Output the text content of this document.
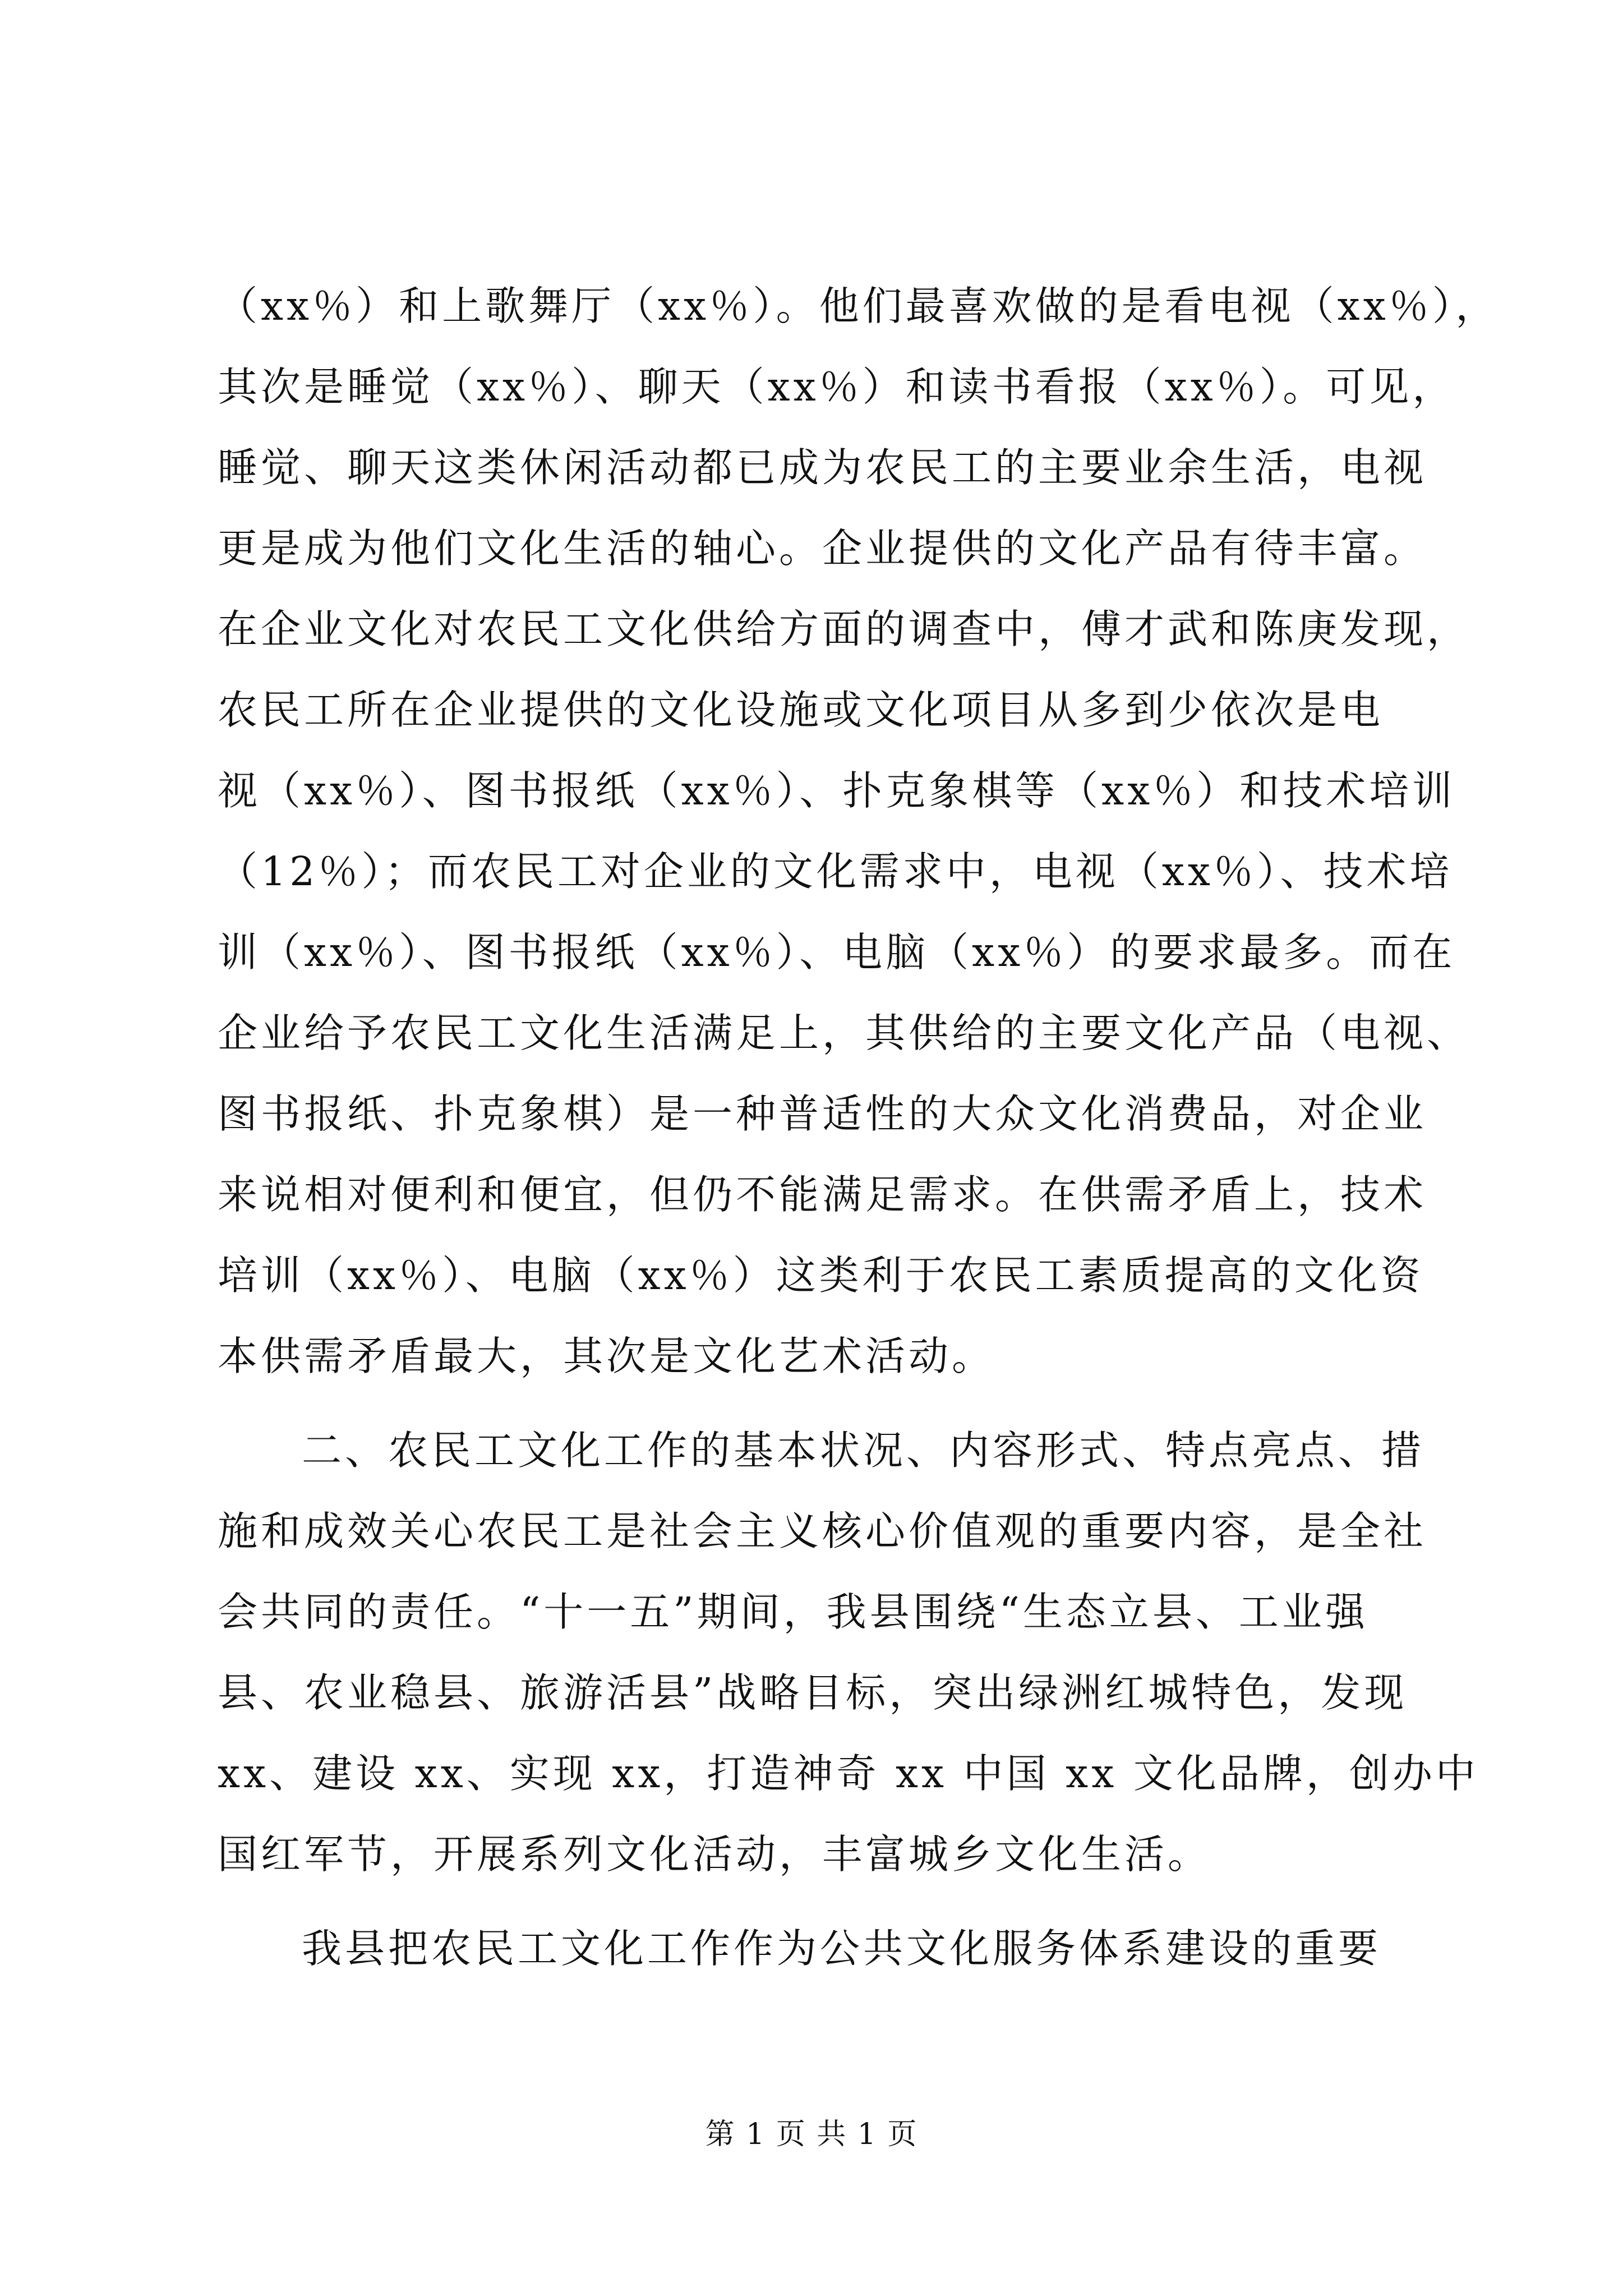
（xx％）和上歌舞厅（xx％）。他们最喜欢做的是看电视（xx％），
其次是睡觉（xx％）、聊天（xx％）和读书看报（xx％）。可见，
睡觉、聊天这类休闲活动都已成为农民工的主要业余生活，电视
更是成为他们文化生活的轴心。企业提供的文化产品有待丰富。
在企业文化对农民工文化供给方面的调查中，傅才武和陈庚发现，
农民工所在企业提供的文化设施或文化项目从多到少依次是电
视（xx％）、图书报纸（xx％）、扑克象棋等（xx％）和技术培训
（12％）；而农民工对企业的文化需求中，电视（xx％）、技术培
训（xx％）、图书报纸（xx％）、电脑（xx％）的要求最多。而在
企业给予农民工文化生活满足上，其供给的主要文化产品（电视、
图书报纸、扑克象棋）是一种普适性的大众文化消费品，对企业
来说相对便利和便宜，但仍不能满足需求。在供需矛盾上，技术
培训（xx％）、电脑（xx％）这类利于农民工素质提高的文化资
本供需矛盾最大，其次是文化艺术活动。
二、农民工文化工作的基本状况、内容形式、特点亮点、措
施和成效关心农民工是社会主义核心价值观的重要内容，是全社
会共同的责任。“十一五”期间，我县围绕“生态立县、工业强
县、农业稳县、旅游活县”战略目标，突出绿洲红城特色，发现
xx、建设 xx、实现 xx，打造神奇 xx 中国 xx 文化品牌，创办中
国红军节，开展系列文化活动，丰富城乡文化生活。
我县把农民工文化工作作为公共文化服务体系建设的重要
第 1 页 共 1 页
